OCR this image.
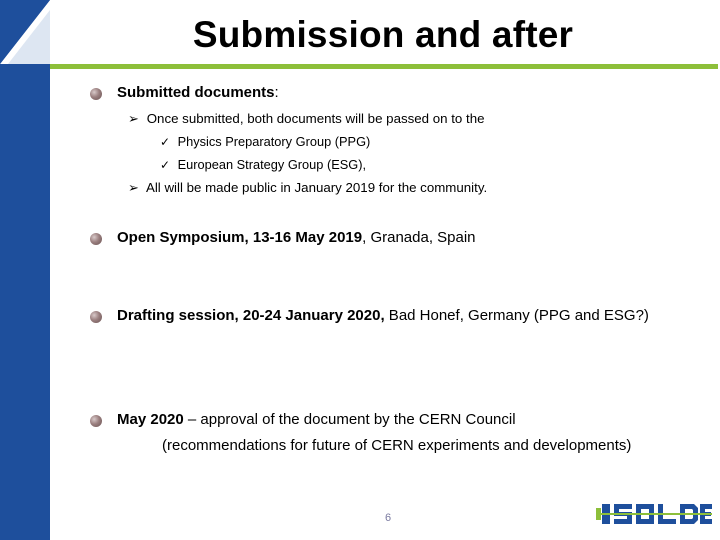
Submission and after
Submitted documents:
➢ Once submitted, both documents will be passed on to the
✓ Physics Preparatory Group (PPG)
✓ European Strategy Group (ESG),
➢ All will be made public in January 2019 for the community.
Open Symposium, 13-16 May 2019, Granada, Spain
Drafting session, 20-24 January 2020, Bad Honef, Germany (PPG and ESG?)
May 2020 – approval of the document by the CERN Council
(recommendations for future of CERN experiments and developments)
6
